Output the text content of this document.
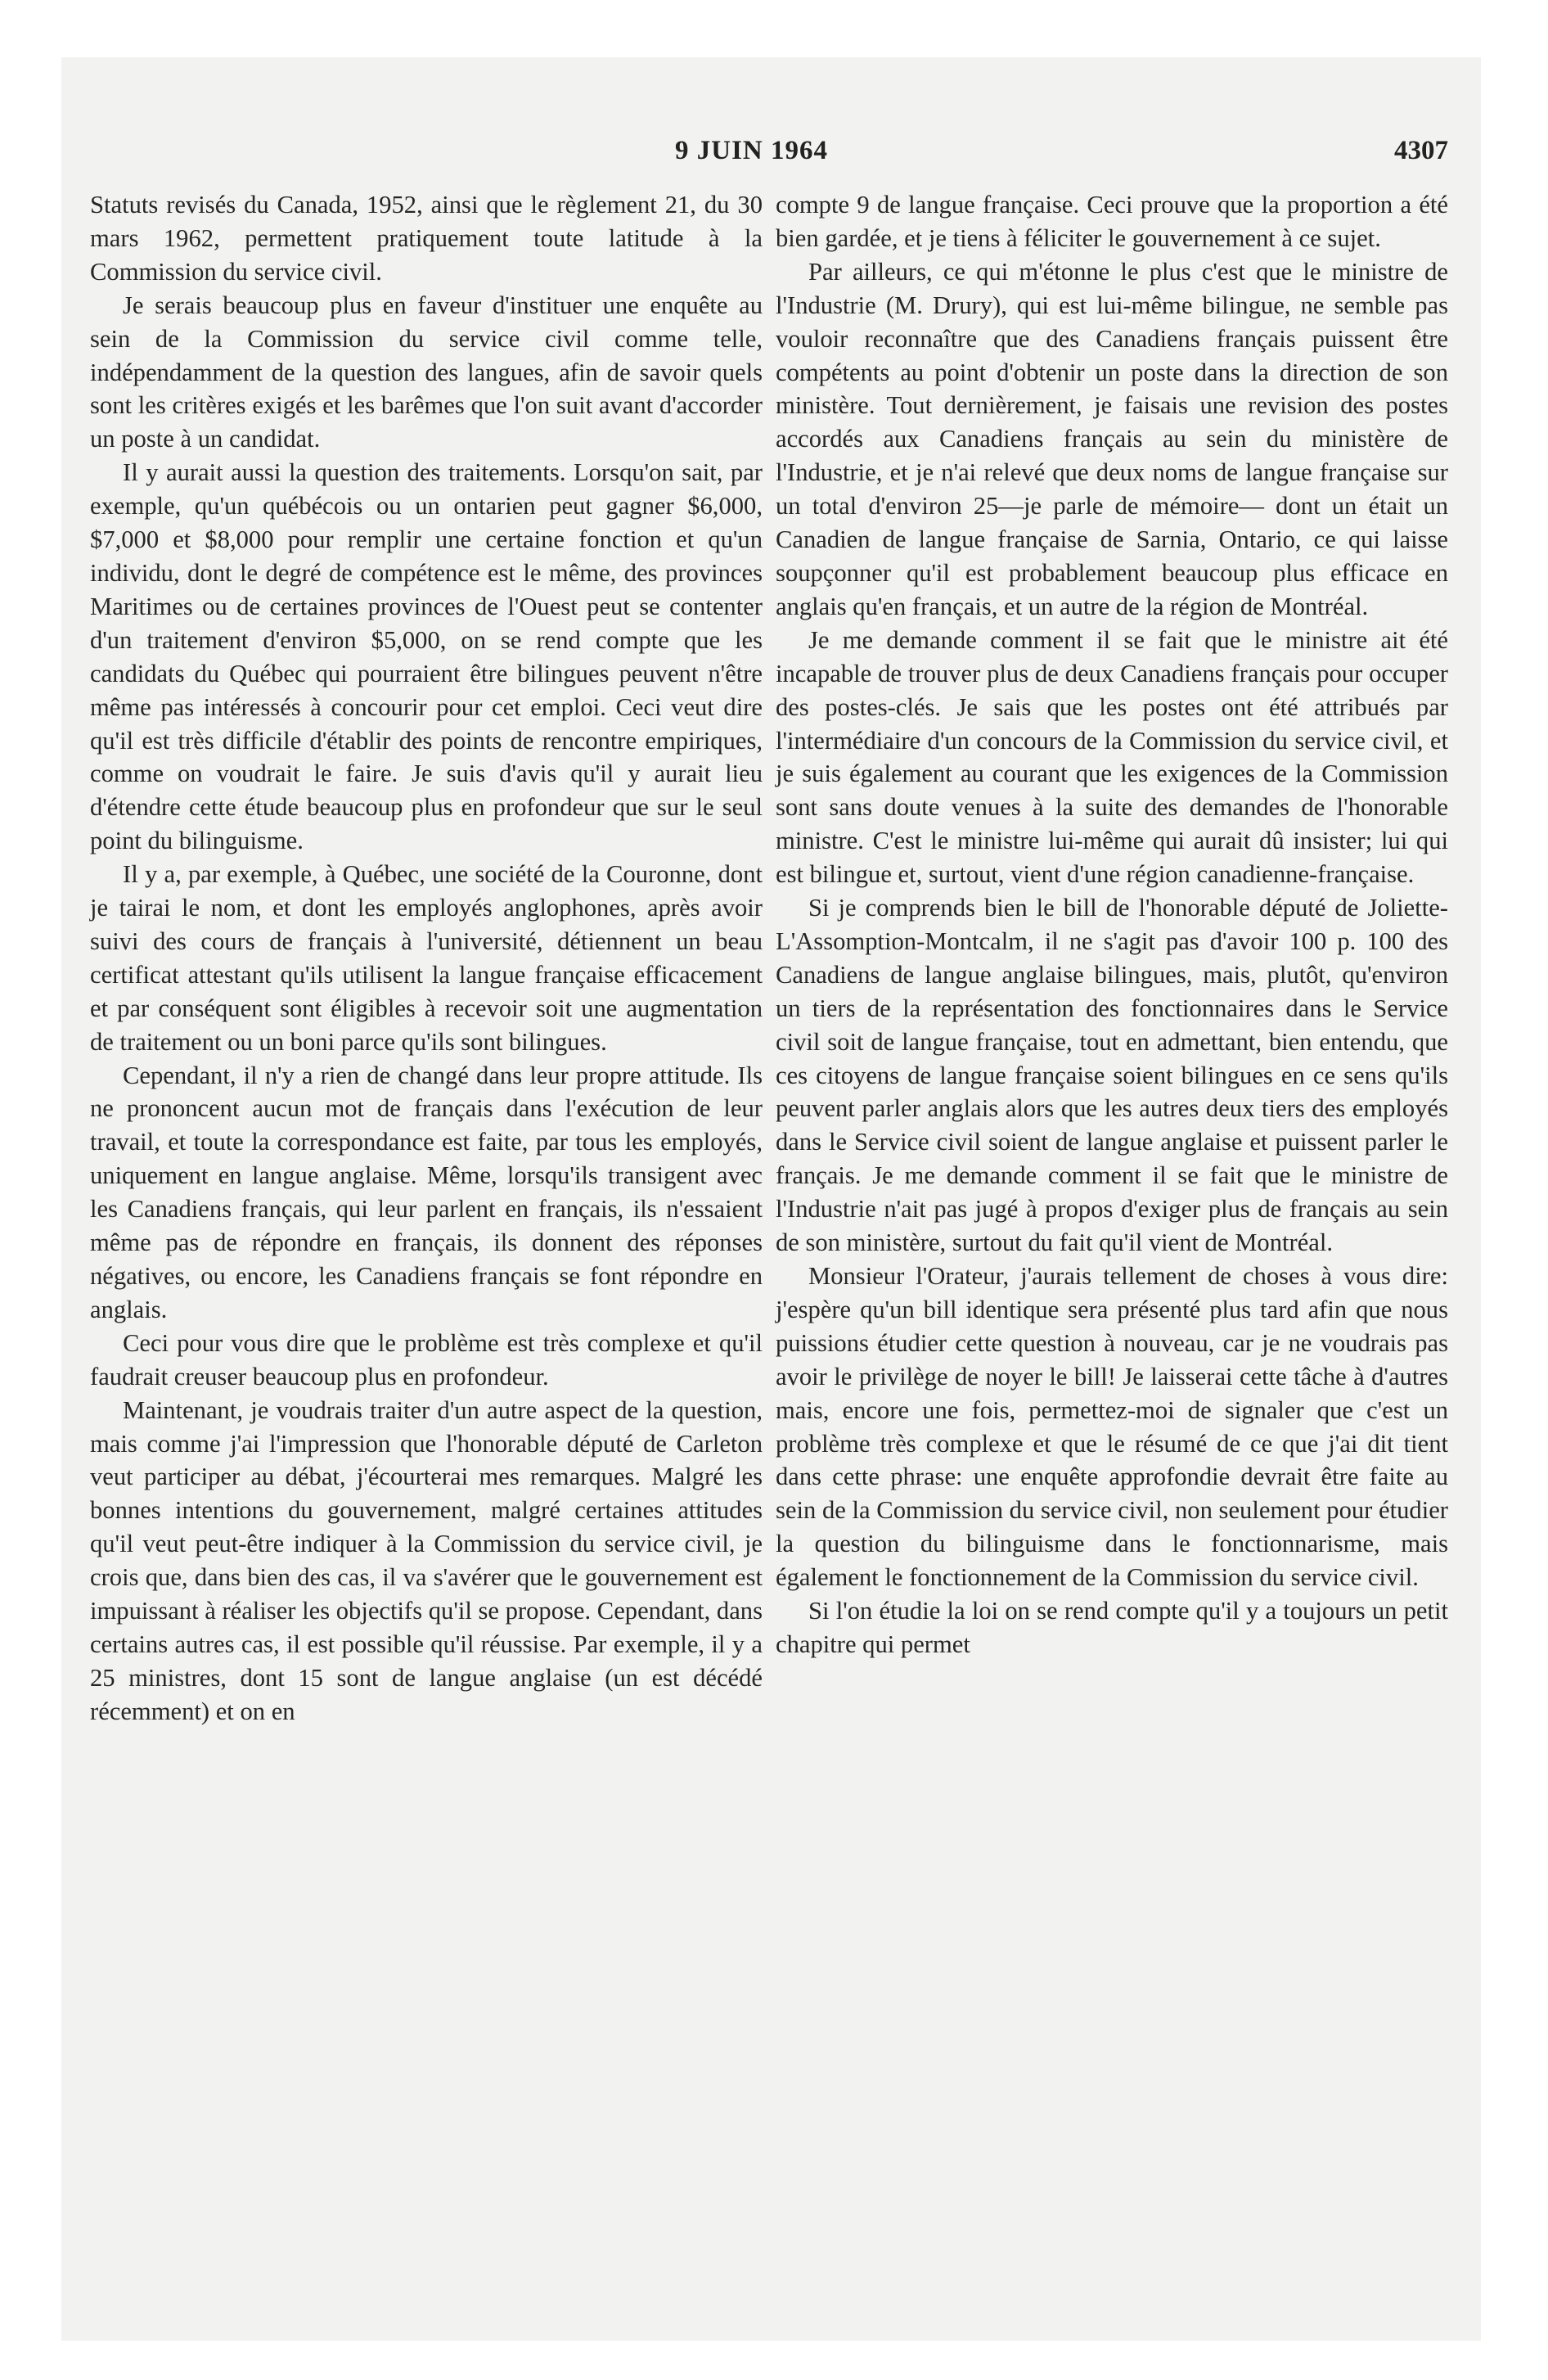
9 JUIN 1964	4307

Statuts revisés du Canada, 1952, ainsi que le règlement 21, du 30 mars 1962, permettent pratiquement toute latitude à la Commission du service civil.

Je serais beaucoup plus en faveur d'instituer une enquête au sein de la Commission du service civil comme telle, indépendamment de la question des langues, afin de savoir quels sont les critères exigés et les barêmes que l'on suit avant d'accorder un poste à un candidat.

Il y aurait aussi la question des traitements. Lorsqu'on sait, par exemple, qu'un québécois ou un ontarien peut gagner $6,000, $7,000 et $8,000 pour remplir une certaine fonction et qu'un individu, dont le degré de compétence est le même, des provinces Maritimes ou de certaines provinces de l'Ouest peut se contenter d'un traitement d'environ $5,000, on se rend compte que les candidats du Québec qui pourraient être bilingues peuvent n'être même pas intéressés à concourir pour cet emploi. Ceci veut dire qu'il est très difficile d'établir des points de rencontre empiriques, comme on voudrait le faire. Je suis d'avis qu'il y aurait lieu d'étendre cette étude beaucoup plus en profondeur que sur le seul point du bilinguisme.

Il y a, par exemple, à Québec, une société de la Couronne, dont je tairai le nom, et dont les employés anglophones, après avoir suivi des cours de français à l'université, détiennent un beau certificat attestant qu'ils utilisent la langue française efficacement et par conséquent sont éligibles à recevoir soit une augmentation de traitement ou un boni parce qu'ils sont bilingues.

Cependant, il n'y a rien de changé dans leur propre attitude. Ils ne prononcent aucun mot de français dans l'exécution de leur travail, et toute la correspondance est faite, par tous les employés, uniquement en langue anglaise. Même, lorsqu'ils transigent avec les Canadiens français, qui leur parlent en français, ils n'essaient même pas de répondre en français, ils donnent des réponses négatives, ou encore, les Canadiens français se font répondre en anglais.

Ceci pour vous dire que le problème est très complexe et qu'il faudrait creuser beaucoup plus en profondeur.

Maintenant, je voudrais traiter d'un autre aspect de la question, mais comme j'ai l'impression que l'honorable député de Carleton veut participer au débat, j'écourterai mes remarques. Malgré les bonnes intentions du gouvernement, malgré certaines attitudes qu'il veut peut-être indiquer à la Commission du service civil, je crois que, dans bien des cas, il va s'avérer que le gouvernement est impuissant à réaliser les objectifs qu'il se propose. Cependant, dans certains autres cas, il est possible qu'il réussise. Par exemple, il y a 25 ministres, dont 15 sont de langue anglaise (un est décédé récemment) et on en

compte 9 de langue française. Ceci prouve que la proportion a été bien gardée, et je tiens à féliciter le gouvernement à ce sujet.

Par ailleurs, ce qui m'étonne le plus c'est que le ministre de l'Industrie (M. Drury), qui est lui-même bilingue, ne semble pas vouloir reconnaître que des Canadiens français puissent être compétents au point d'obtenir un poste dans la direction de son ministère. Tout dernièrement, je faisais une revision des postes accordés aux Canadiens français au sein du ministère de l'Industrie, et je n'ai relevé que deux noms de langue française sur un total d'environ 25—je parle de mémoire— dont un était un Canadien de langue française de Sarnia, Ontario, ce qui laisse soupçonner qu'il est probablement beaucoup plus efficace en anglais qu'en français, et un autre de la région de Montréal.

Je me demande comment il se fait que le ministre ait été incapable de trouver plus de deux Canadiens français pour occuper des postes-clés. Je sais que les postes ont été attribués par l'intermédiaire d'un concours de la Commission du service civil, et je suis également au courant que les exigences de la Commission sont sans doute venues à la suite des demandes de l'honorable ministre. C'est le ministre lui-même qui aurait dû insister; lui qui est bilingue et, surtout, vient d'une région canadienne-française.

Si je comprends bien le bill de l'honorable député de Joliette-L'Assomption-Montcalm, il ne s'agit pas d'avoir 100 p. 100 des Canadiens de langue anglaise bilingues, mais, plutôt, qu'environ un tiers de la représentation des fonctionnaires dans le Service civil soit de langue française, tout en admettant, bien entendu, que ces citoyens de langue française soient bilingues en ce sens qu'ils peuvent parler anglais alors que les autres deux tiers des employés dans le Service civil soient de langue anglaise et puissent parler le français. Je me demande comment il se fait que le ministre de l'Industrie n'ait pas jugé à propos d'exiger plus de français au sein de son ministère, surtout du fait qu'il vient de Montréal.

Monsieur l'Orateur, j'aurais tellement de choses à vous dire: j'espère qu'un bill identique sera présenté plus tard afin que nous puissions étudier cette question à nouveau, car je ne voudrais pas avoir le privilège de noyer le bill! Je laisserai cette tâche à d'autres mais, encore une fois, permettez-moi de signaler que c'est un problème très complexe et que le résumé de ce que j'ai dit tient dans cette phrase: une enquête approfondie devrait être faite au sein de la Commission du service civil, non seulement pour étudier la question du bilinguisme dans le fonctionnarisme, mais également le fonctionnement de la Commission du service civil.

Si l'on étudie la loi on se rend compte qu'il y a toujours un petit chapitre qui permet
